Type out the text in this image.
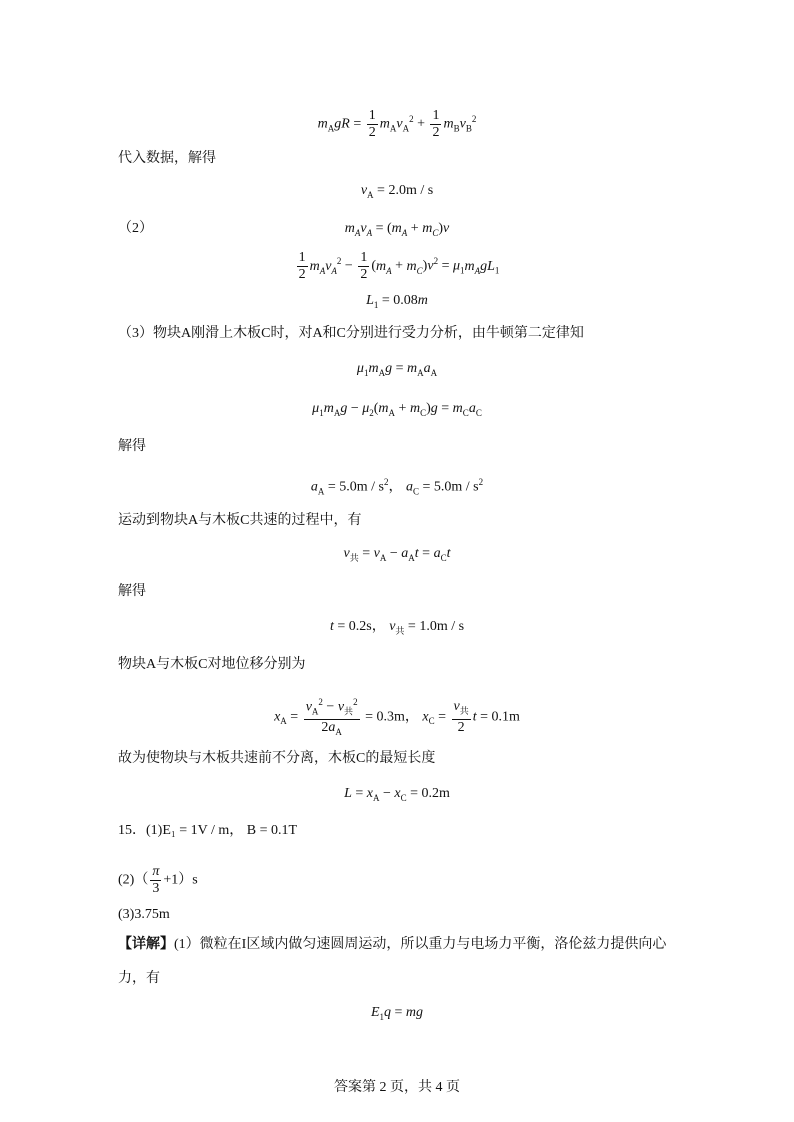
$m_AgR = \frac{1}{2} m_Av_A^2 + \frac{1}{2} m_Bv_B^2$
代入数据，解得
$v_A = 2.0m / s$
（2）	$m_Av_A = (m_A + m_C)v$
$\frac{1}{2} m_Av_A^2 - \frac{1}{2} (m_A + m_C)v^2 = \mu_1m_AgL_1$
$L_1 = 0.08m$
（3）物块A刚滑上木板C时，对A和C分别进行受力分析，由牛顿第二定律知
$\mu_1m_Ag = m_Aa_A$
$\mu_1m_Ag - \mu_2(m_A + m_C)g = m_Ca_C$
解得
$a_A = 5.0m / s^2$， $a_C = 5.0m / s^2$
运动到物块A与木板C共速的过程中，有
$v_共 = v_A - a_At = a_Ct$
解得
t = 0.2s， $v_共 = 1.0m / s$
物块A与木板C对地位移分别为
$x_A = \frac{v_A^2 - v_共^2}{2a_A} = 0.3m$， $x_C = \frac{v_共}{2}$ t = 0.1m
故为使物块与木板共速前不分离，木板C的最短长度
$L = x_A - x_C = 0.2m$
15．(1)E₁ = 1V / m， B = 0.1T
$(2)( \frac{\pi}{3} +1)s$
(3)3.75m
【详解】(1）微粒在I区域内做匀速圆周运动，所以重力与电场力平衡，洛伦兹力提供向心
力，有
$E_1q$ = mg
答案第 2 页，共 4 页
